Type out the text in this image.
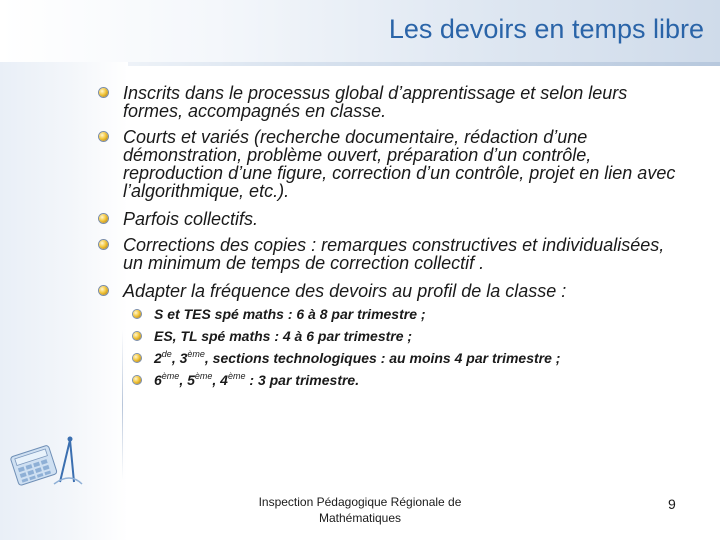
Les devoirs en temps libre
Inscrits dans le processus global d’apprentissage et selon leurs formes, accompagnés en classe.
Courts et variés (recherche documentaire, rédaction d’une démonstration, problème ouvert, préparation d’un contrôle, reproduction d’une figure, correction d’un contrôle, projet en lien avec l’algorithmique, etc.).
Parfois collectifs.
Corrections des copies : remarques constructives et individualisées, un minimum de temps de correction collectif .
Adapter la fréquence des devoirs au profil de la classe :
S et TES spé maths : 6 à 8 par trimestre ;
ES, TL spé maths : 4 à 6 par trimestre ;
2de, 3ème, sections technologiques : au moins 4 par trimestre ;
6ème, 5ème, 4ème : 3 par trimestre.
Inspection Pédagogique Régionale de
Mathématiques
9
